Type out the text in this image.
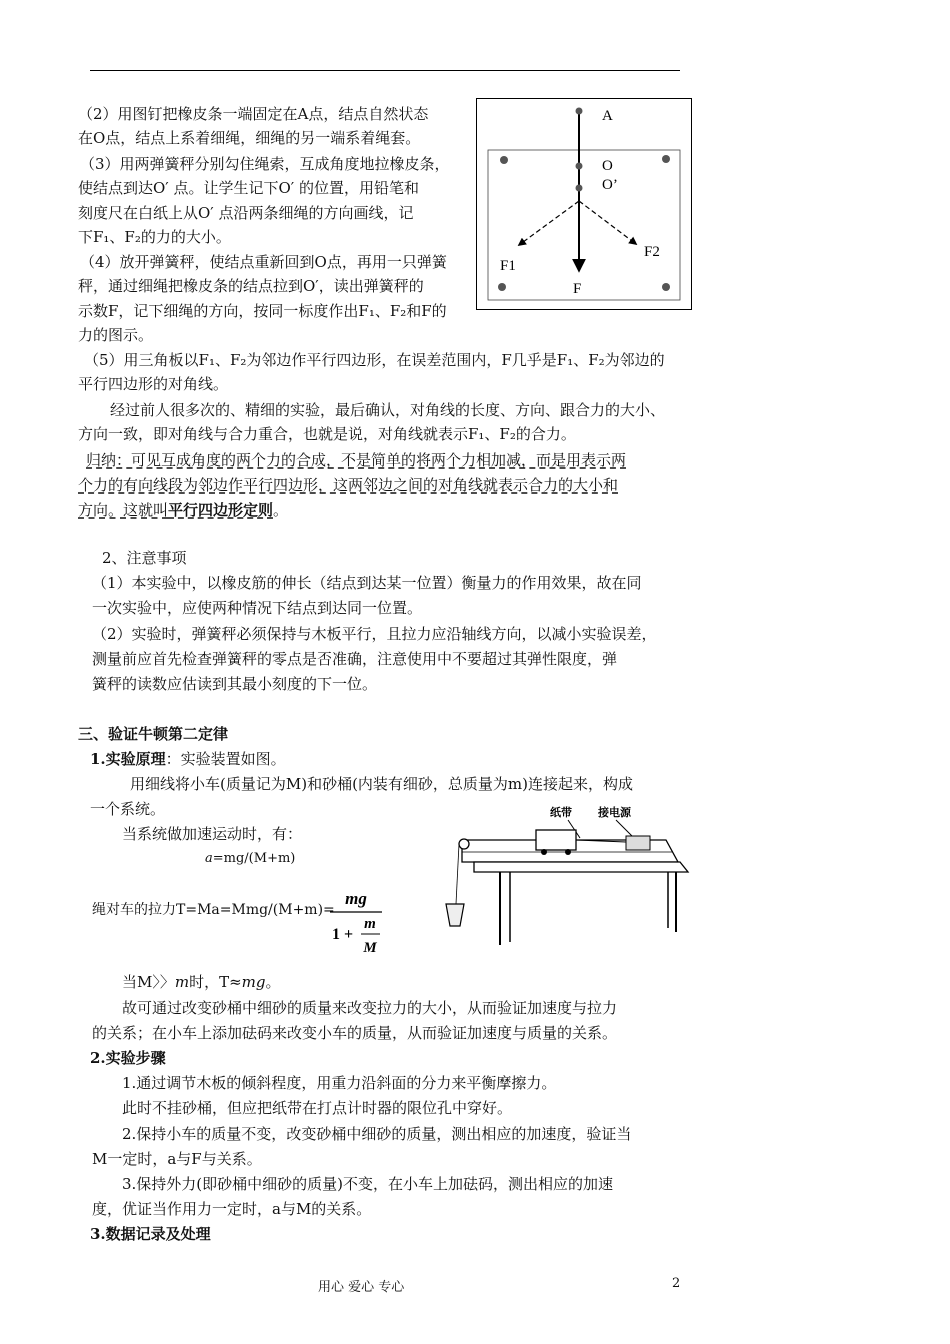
（2）用图钉把橡皮条一端固定在A点，结点自然状态
在O点，结点上系着细绳，细绳的另一端系着绳套。
（3）用两弹簧秤分别勾住绳索，互成角度地拉橡皮条，
使结点到达O′ 点。让学生记下O′ 的位置，用铅笔和
刻度尺在白纸上从O′ 点沿两条细绳的方向画线，记
下F₁、F₂的力的大小。
（4）放开弹簧秤，使结点重新回到O点，再用一只弹簧
秤，通过细绳把橡皮条的结点拉到O′，读出弹簧秤的
示数F，记下细绳的方向，按同一标度作出F₁、F₂和F的
力的图示。
（5）用三角板以F₁、F₂为邻边作平行四边形，在误差范围内，F几乎是F₁、F₂为邻边的
平行四边形的对角线。
经过前人很多次的、精细的实验，最后确认，对角线的长度、方向、跟合力的大小、
方向一致，即对角线与合力重合，也就是说，对角线就表示F₁、F₂的合力。
归纳：可见互成角度的两个力的合成，不是简单的将两个力相加减，而是用表示两
个力的有向线段为邻边作平行四边形，这两邻边之间的对角线就表示合力的大小和
方向。这就叫平行四边形定则。
2、注意事项
（1）本实验中，以橡皮筋的伸长（结点到达某一位置）衡量力的作用效果，故在同
一次实验中，应使两种情况下结点到达同一位置。
（2）实验时，弹簧秤必须保持与木板平行，且拉力应沿轴线方向，以减小实验误差，
测量前应首先检查弹簧秤的零点是否准确，注意使用中不要超过其弹性限度，弹
簧秤的读数应估读到其最小刻度的下一位。
三、验证牛顿第二定律
1.实验原理：实验装置如图。
用细线将小车(质量记为M)和砂桶(内装有细砂，总质量为m)连接起来，构成
一个系统。
当系统做加速运动时，有：
a=mg/(M+m)
绳对车的拉力T=Ma=Mmg/(M+m)=
mg
1 +
m
M
当M〉〉m时，T≈mg。
故可通过改变砂桶中细砂的质量来改变拉力的大小，从而验证加速度与拉力
的关系；在小车上添加砝码来改变小车的质量，从而验证加速度与质量的关系。
2.实验步骤
1.通过调节木板的倾斜程度，用重力沿斜面的分力来平衡摩擦力。
此时不挂砂桶，但应把纸带在打点计时器的限位孔中穿好。
2.保持小车的质量不变，改变砂桶中细砂的质量，测出相应的加速度，验证当
M一定时，a与F与关系。
3.保持外力(即砂桶中细砂的质量)不变，在小车上加砝码，测出相应的加速
度，优证当作用力一定时，a与M的关系。
3.数据记录及处理
A
O
O’
F1
F2
F
纸带 接电源
用心 爱心 专心	2
